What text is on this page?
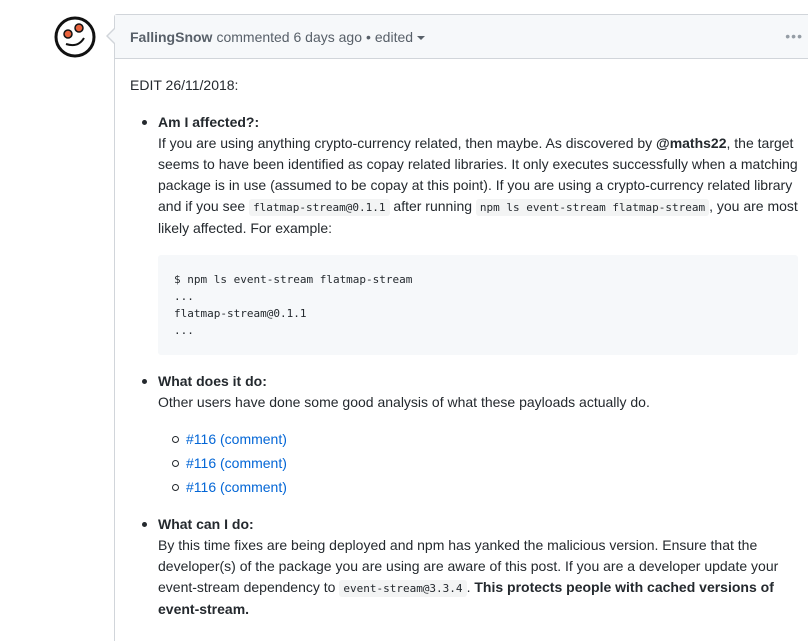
FallingSnow commented 6 days ago • edited	•••

EDIT 26/11/2018:

Am I affected?:
If you are using anything crypto-currency related, then maybe. As discovered by @maths22, the target seems to have been identified as copay related libraries. It only executes successfully when a matching package is in use (assumed to be copay at this point). If you are using a crypto-currency related library and if you see flatmap-stream@0.1.1 after running npm ls event-stream flatmap-stream , you are most likely affected. For example:
$ npm ls event-stream flatmap-stream
...
flatmap-stream@0.1.1
...
What does it do:
Other users have done some good analysis of what these payloads actually do.
#116 (comment)
#116 (comment)
#116 (comment)
What can I do:
By this time fixes are being deployed and npm has yanked the malicious version. Ensure that the developer(s) of the package you are using are aware of this post. If you are a developer update your event-stream dependency to event-stream@3.3.4 . This protects people with cached versions of event-stream.
